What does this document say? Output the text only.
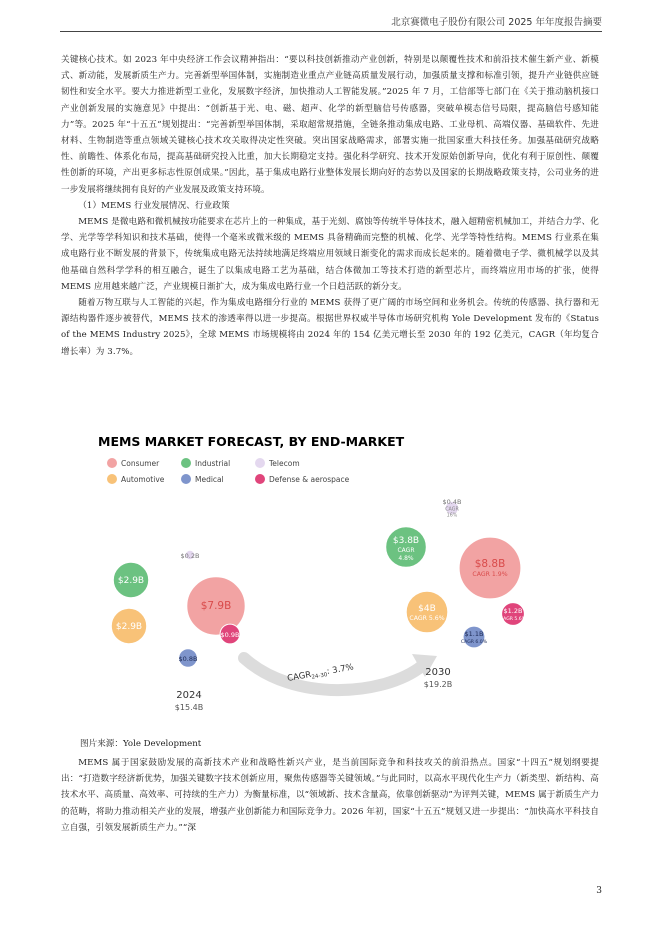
北京赛微电子股份有限公司 2025 年年度报告摘要

关键核心技术。如 2023 年中央经济工作会议精神指出：“要以科技创新推动产业创新，特别是以颠覆性技术和前沿技术催生新产业、新模式、新动能，发展新质生产力。完善新型举国体制，实施制造业重点产业链高质量发展行动，加强质量支撑和标准引领，提升产业链供应链韧性和安全水平。要大力推进新型工业化，发展数字经济，加快推动人工智能发展。”2025 年 7 月，工信部等七部门在《关于推动脑机接口产业创新发展的实施意见》中提出：“创新基于光、电、磁、超声、化学的新型脑信号传感器，突破单模态信号局限，提高脑信号感知能力”等。2025 年“十五五”规划提出：“完善新型举国体制，采取超常规措施，全链条推动集成电路、工业母机、高端仪器、基础软件、先进材料、生物制造等重点领域关键核心技术攻关取得决定性突破。突出国家战略需求，部署实施一批国家重大科技任务。加强基础研究战略性、前瞻性、体系化布局，提高基础研究投入比重，加大长期稳定支持。强化科学研究、技术开发原始创新导向，优化有利于原创性、颠覆性创新的环境，产出更多标志性原创成果。”因此，基于集成电路行业整体发展长期向好的态势以及国家的长期战略政策支持，公司业务的进一步发展将继续拥有良好的产业发展及政策支持环境。

（1）MEMS 行业发展情况、行业政策

MEMS 是微电路和微机械按功能要求在芯片上的一种集成，基于光刻、腐蚀等传统半导体技术，融入超精密机械加工，并结合力学、化学、光学等学科知识和技术基础，使得一个毫米或微米级的 MEMS 具备精确而完整的机械、化学、光学等特性结构。MEMS 行业系在集成电路行业不断发展的背景下，传统集成电路无法持续地满足终端应用领域日渐变化的需求而成长起来的。随着微电子学、微机械学以及其他基础自然科学学科的相互融合，诞生了以集成电路工艺为基础，结合体微加工等技术打造的新型芯片，而终端应用市场的扩张，使得 MEMS 应用越来越广泛，产业规模日渐扩大，成为集成电路行业一个日趋活跃的新分支。

随着万物互联与人工智能的兴起，作为集成电路细分行业的 MEMS 获得了更广阔的市场空间和业务机会。传统的传感器、执行器和无源结构器件逐步被替代，MEMS 技术的渗透率得以进一步提高。根据世界权威半导体市场研究机构 Yole Development 发布的《Status of the MEMS Industry 2025》，全球 MEMS 市场规模将由 2024 年的 154 亿美元增长至 2030 年的 192 亿美元，CAGR（年均复合增长率）为 3.7%。

MEMS MARKET FORECAST, BY END-MARKET
Consumer	Industrial	Telecom
Automotive	Medical	Defense & aerospace
$CAGR_{24-30}$: 3.7%
$7.9B
$2.9B
$2.9B
$0.2B
$0.9B
$0.8B
$8.8B
CAGR 1.9%
$3.8B
CAGR
4.8%
$4B
CAGR 5.6%
$0.4B
CAGR
16%
$1.2B
CAGR 5.6%
$1.1B
CAGR 6.0%
2024
$15.4B
2030
$19.2B
图片来源：Yole Development

MEMS 属于国家鼓励发展的高新技术产业和战略性新兴产业，是当前国际竞争和科技攻关的前沿热点。国家“十四五”规划纲要提出：“打造数字经济新优势，加强关键数字技术创新应用，聚焦传感器等关键领域。”与此同时，以高水平现代化生产力（新类型、新结构、高技术水平、高质量、高效率、可持续的生产力）为衡量标准，以“领域新、技术含量高，依靠创新驱动”为评判关键，MEMS 属于新质生产力的范畴，将助力推动相关产业的发展，增强产业创新能力和国际竞争力。2026 年初，国家“十五五”规划又进一步提出：“加快高水平科技自立自强，引领发展新质生产力。”“深

3
